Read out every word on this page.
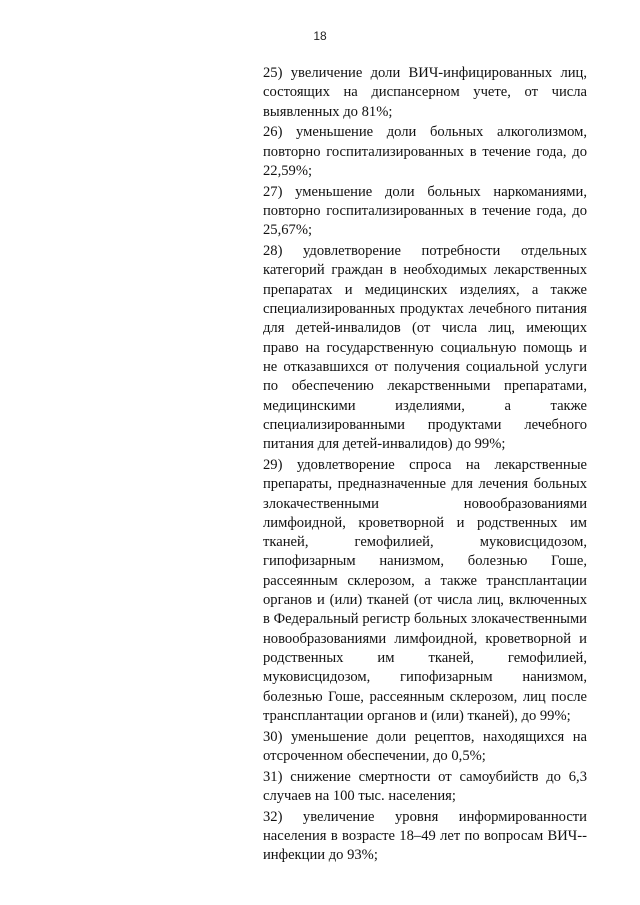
18

25) увеличение доли ВИЧ-инфицированных лиц, состоящих на диспансерном учете, от числа выявленных до 81%;

26) уменьшение доли больных алкоголизмом, повторно госпитализированных в течение года, до 22,59%;

27) уменьшение доли больных наркоманиями, повторно госпитализированных в течение года, до 25,67%;

28) удовлетворение потребности отдельных категорий граждан в необходимых лекарственных препаратах и медицинских изделиях, а также специализированных продуктах лечебного питания для детей-инвалидов (от числа лиц, имеющих право на государственную социальную помощь и не отказавшихся от получения социальной услуги по обеспечению лекарственными препаратами, медицинскими изделиями, а также специализированными продуктами лечебного питания для детей-инвалидов) до 99%;

29) удовлетворение спроса на лекарственные препараты, предназначенные для лечения больных злокачественными новообразованиями лимфоидной, кроветворной и родственных им тканей, гемофилией, муковисцидозом, гипофизарным нанизмом, болезнью Гоше, рассеянным склерозом, а также трансплантации органов и (или) тканей (от числа лиц, включенных в Федеральный регистр больных злокачественными новообразованиями лимфоидной, кроветворной и родственных им тканей, гемофилией, муковисцидозом, гипофизарным нанизмом, болезнью Гоше, рассеянным склерозом, лиц после трансплантации органов и (или) тканей), до 99%;

30) уменьшение доли рецептов, находящихся на отсроченном обеспечении, до 0,5%;

31) снижение смертности от самоубийств до 6,3 случаев на 100 тыс. населения;

32) увеличение уровня информированности населения в возрасте 18–49 лет по вопросам ВИЧ-инфекции до 93%;
